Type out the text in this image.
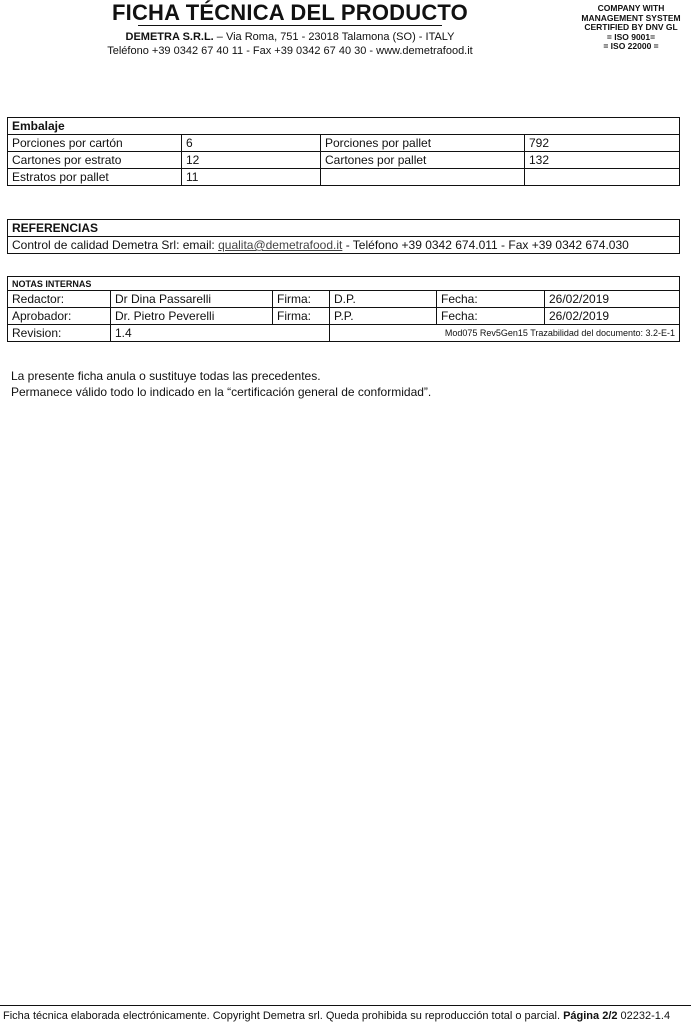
FICHA TÉCNICA DEL PRODUCTO
DEMETRA S.R.L. – Via Roma, 751 - 23018 Talamona (SO) - ITALY
Teléfono +39 0342 67 40 11 - Fax +39 0342 67 40 30 - www.demetrafood.it
COMPANY WITH
MANAGEMENT SYSTEM
CERTIFIED BY DNV GL
= ISO 9001=
= ISO 22000 =
Embalaje			
Porciones por cartón	6	Porciones por pallet	792
Cartones por estrato	12	Cartones por pallet	132
Estratos por pallet	11		
REFERENCIAS
Control de calidad Demetra Srl: email: qualita@demetrafood.it - Teléfono +39 0342 674.011 - Fax +39 0342 674.030
NOTAS INTERNAS					
Redactor:	Dr Dina Passarelli	Firma:	D.P.	Fecha:	26/02/2019
Aprobador:	Dr. Pietro Peverelli	Firma:	P.P.	Fecha:	26/02/2019
Revision:	1.4		Mod075 Rev5Gen15 Trazabilidad del documento: 3.2-E-1		
La presente ficha anula o sustituye todas las precedentes.
Permanece válido todo lo indicado en la “certificación general de conformidad”.
Ficha técnica elaborada electrónicamente. Copyright Demetra srl. Queda prohibida su reproducción total o parcial. Página 2/2 02232-1.4
